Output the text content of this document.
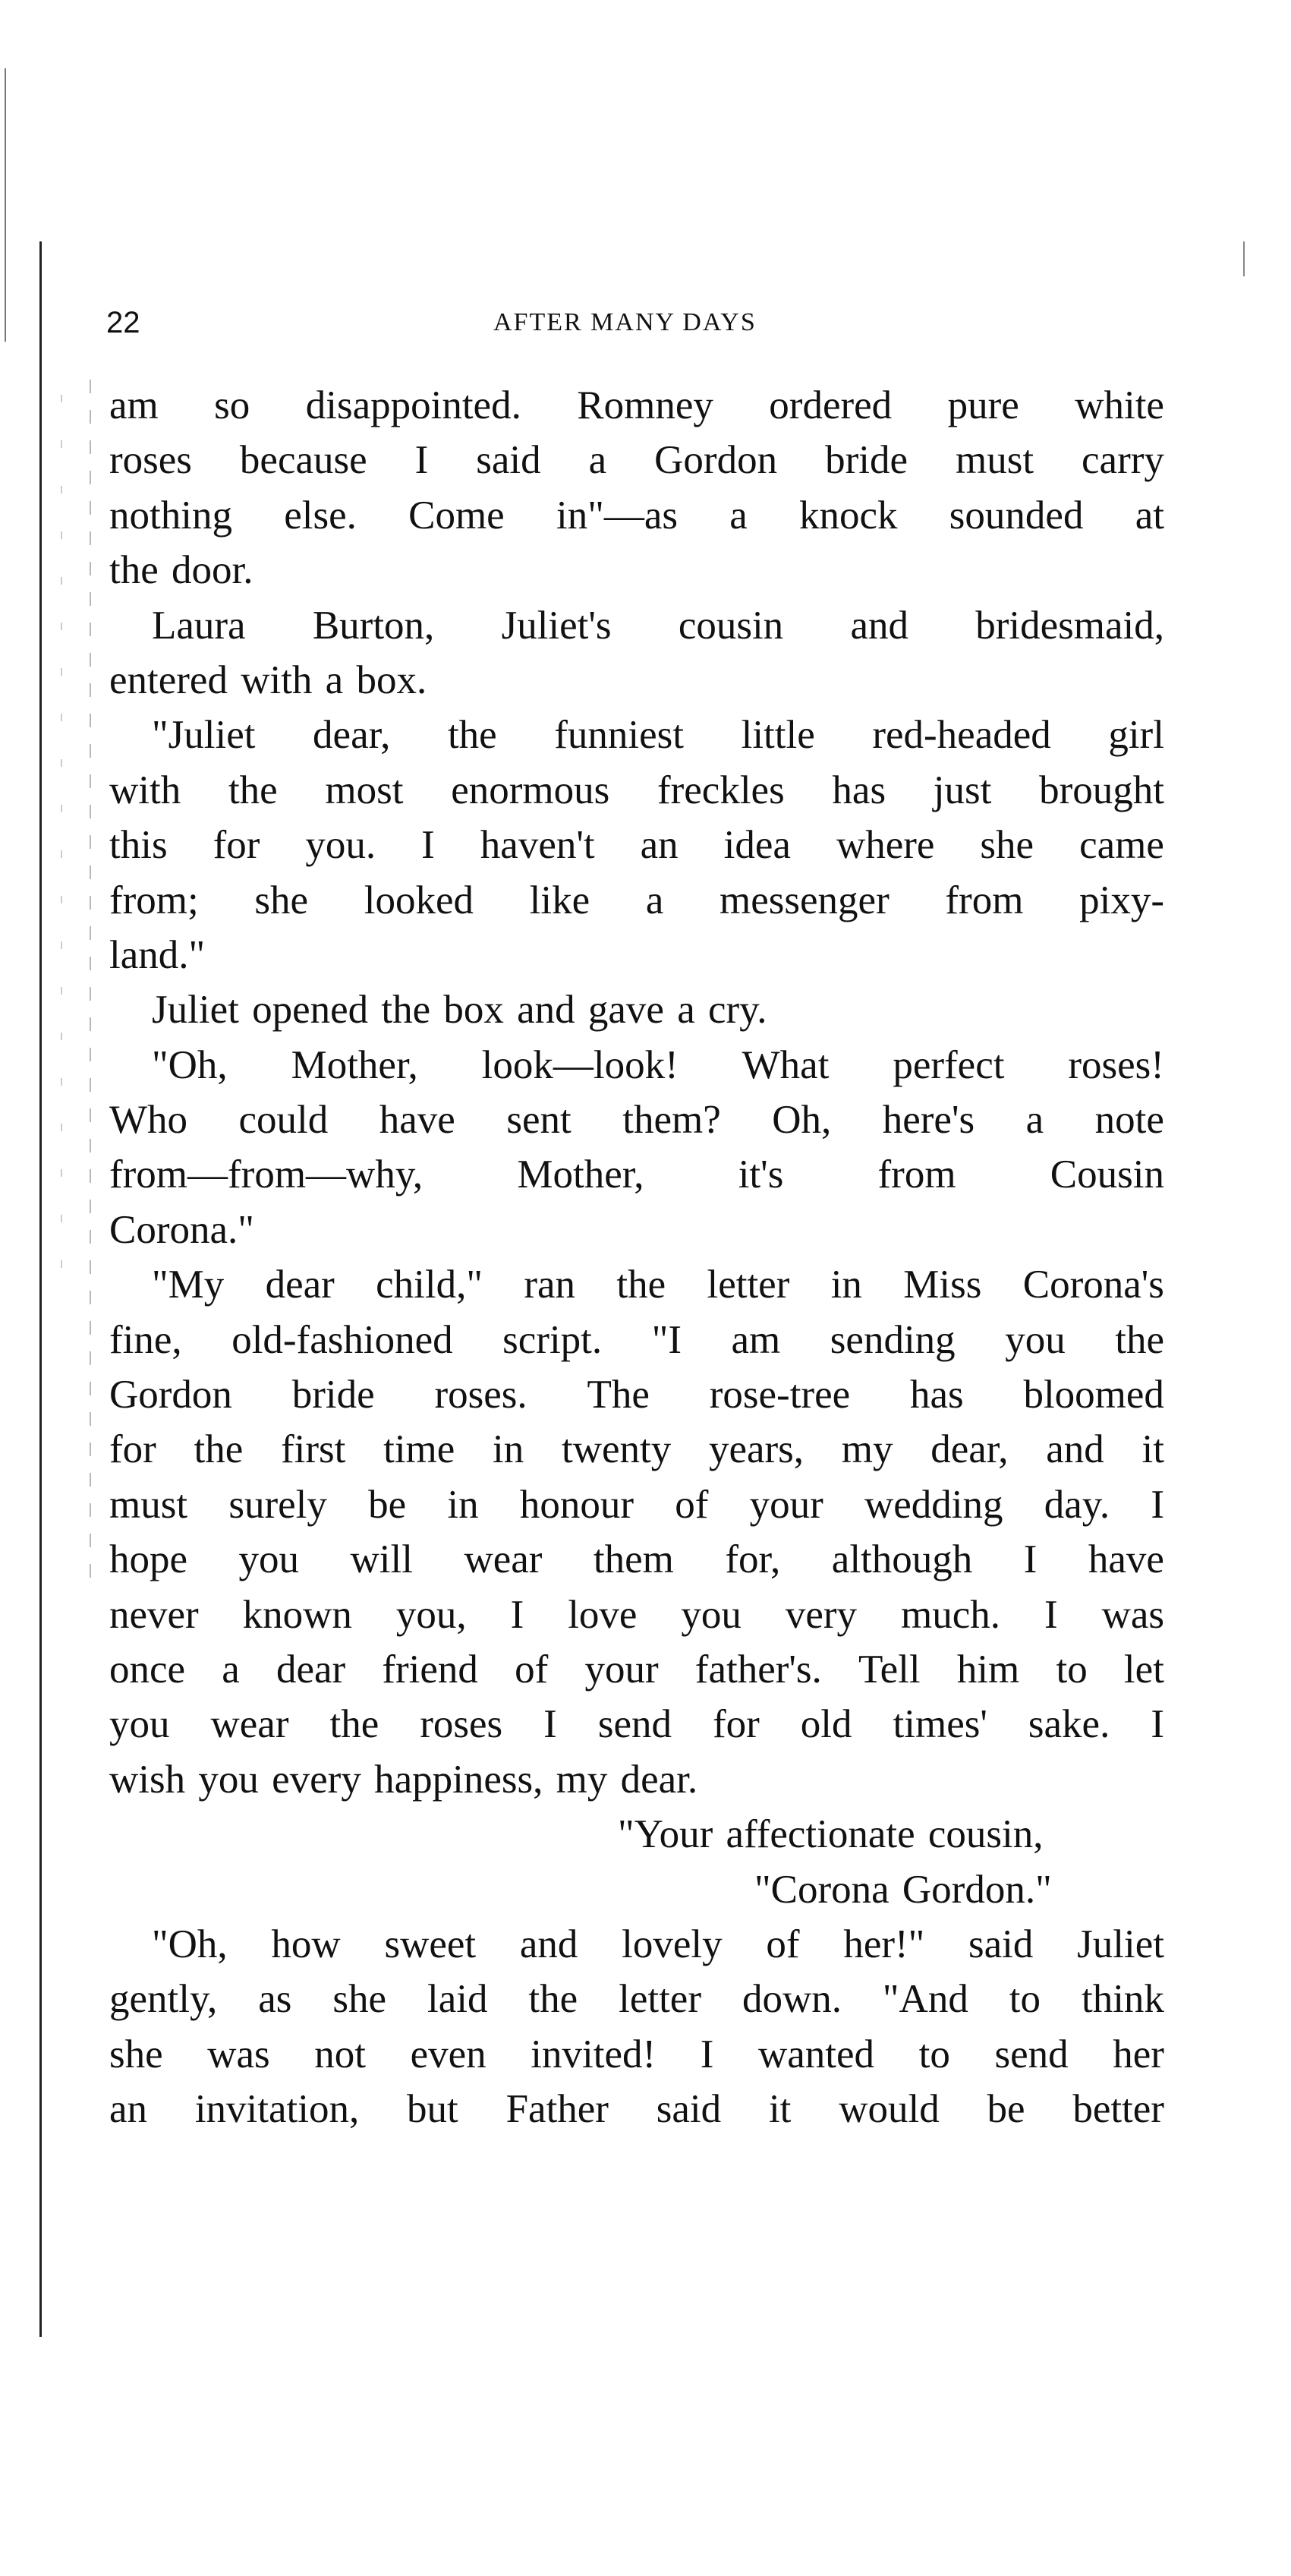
22	AFTER MANY DAYS
am so disappointed. Romney ordered pure white
roses because I said a Gordon bride must carry
nothing else. Come in"—as a knock sounded at
the door.
Laura Burton, Juliet's cousin and bridesmaid,
entered with a box.
"Juliet dear, the funniest little red-headed girl
with the most enormous freckles has just brought
this for you. I haven't an idea where she came
from; she looked like a messenger from pixy-
land."
Juliet opened the box and gave a cry.
"Oh, Mother, look—look! What perfect roses!
Who could have sent them? Oh, here's a note
from—from—why, Mother, it's from Cousin
Corona."
"My dear child," ran the letter in Miss Corona's
fine, old-fashioned script. "I am sending you the
Gordon bride roses. The rose-tree has bloomed
for the first time in twenty years, my dear, and it
must surely be in honour of your wedding day. I
hope you will wear them for, although I have
never known you, I love you very much. I was
once a dear friend of your father's. Tell him to let
you wear the roses I send for old times' sake. I
wish you every happiness, my dear.
"Your affectionate cousin,
"Corona Gordon."
"Oh, how sweet and lovely of her!" said Juliet
gently, as she laid the letter down. "And to think
she was not even invited! I wanted to send her
an invitation, but Father said it would be better
